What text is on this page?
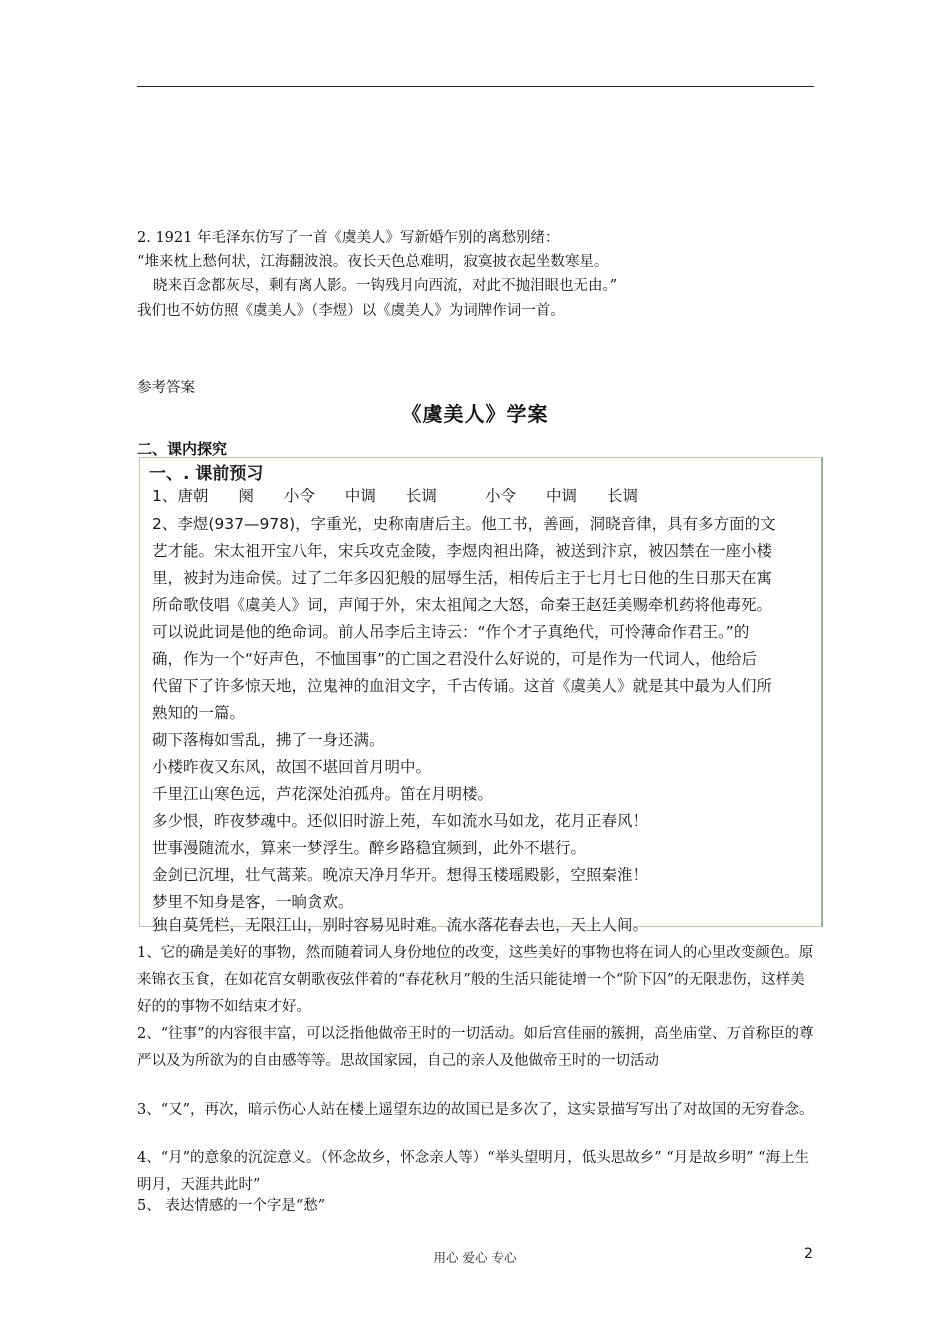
2. 1921 年毛泽东仿写了一首《虞美人》写新婚乍别的离愁别绪：
“堆来枕上愁何状，江海翻波浪。夜长天色总难明，寂寞披衣起坐数寒星。
晓来百念都灰尽，剩有离人影。一钩残月向西流，对此不抛泪眼也无由。”
我们也不妨仿照《虞美人》（李煜）以《虞美人》为词牌作词一首。
参考答案
《虞美人》学案
二、课内探究
一、. 课前预习
1、唐朝 阕 小令 中调 长调	小令 中调 长调
2、李煜(937—978)，字重光，史称南唐后主。他工书，善画，洞晓音律，具有多方面的文
艺才能。宋太祖开宝八年，宋兵攻克金陵，李煜肉袒出降，被送到汴京，被囚禁在一座小楼
里，被封为违命侯。过了二年多囚犯般的屈辱生活，相传后主于七月七日他的生日那天在寓
所命歌伎唱《虞美人》词，声闻于外，宋太祖闻之大怒，命秦王赵廷美赐牵机药将他毒死。
可以说此词是他的绝命词。前人吊李后主诗云：“作个才子真绝代，可怜薄命作君王。”的
确，作为一个“好声色，不恤国事”的亡国之君没什么好说的，可是作为一代词人，他给后
代留下了许多惊天地，泣鬼神的血泪文字，千古传诵。这首《虞美人》就是其中最为人们所
熟知的一篇。
砌下落梅如雪乱，拂了一身还满。
小楼昨夜又东风，故国不堪回首月明中。
千里江山寒色远，芦花深处泊孤舟。笛在月明楼。
多少恨，昨夜梦魂中。还似旧时游上苑，车如流水马如龙，花月正春风！
世事漫随流水，算来一梦浮生。醉乡路稳宜频到，此外不堪行。
金剑已沉埋，壮气蒿莱。晚凉天净月华开。想得玉楼瑶殿影，空照秦淮！
梦里不知身是客，一晌贪欢。
独自莫凭栏，无限江山，别时容易见时难。流水落花春去也，天上人间。
1、它的确是美好的事物，然而随着词人身份地位的改变，这些美好的事物也将在词人的心里改变颜色。原来锦衣玉食，在如花宫女朝歌夜弦伴着的“春花秋月”般的生活只能徒增一个“阶下囚”的无限悲伤，这样美好的的事物不如结束才好。
2、“往事”的内容很丰富，可以泛指他做帝王时的一切活动。如后宫佳丽的簇拥，高坐庙堂、万首称臣的尊严以及为所欲为的自由感等等。思故国家园，自己的亲人及他做帝王时的一切活动
3、“又”，再次，暗示伤心人站在楼上遥望东边的故国已是多次了，这实景描写写出了对故国的无穷眷念。
4、“月”的意象的沉淀意义。（怀念故乡，怀念亲人等）“举头望明月，低头思故乡” “月是故乡明” “海上生明月，天涯共此时”
5、 表达情感的一个字是“愁”
用心 爱心 专心	2
